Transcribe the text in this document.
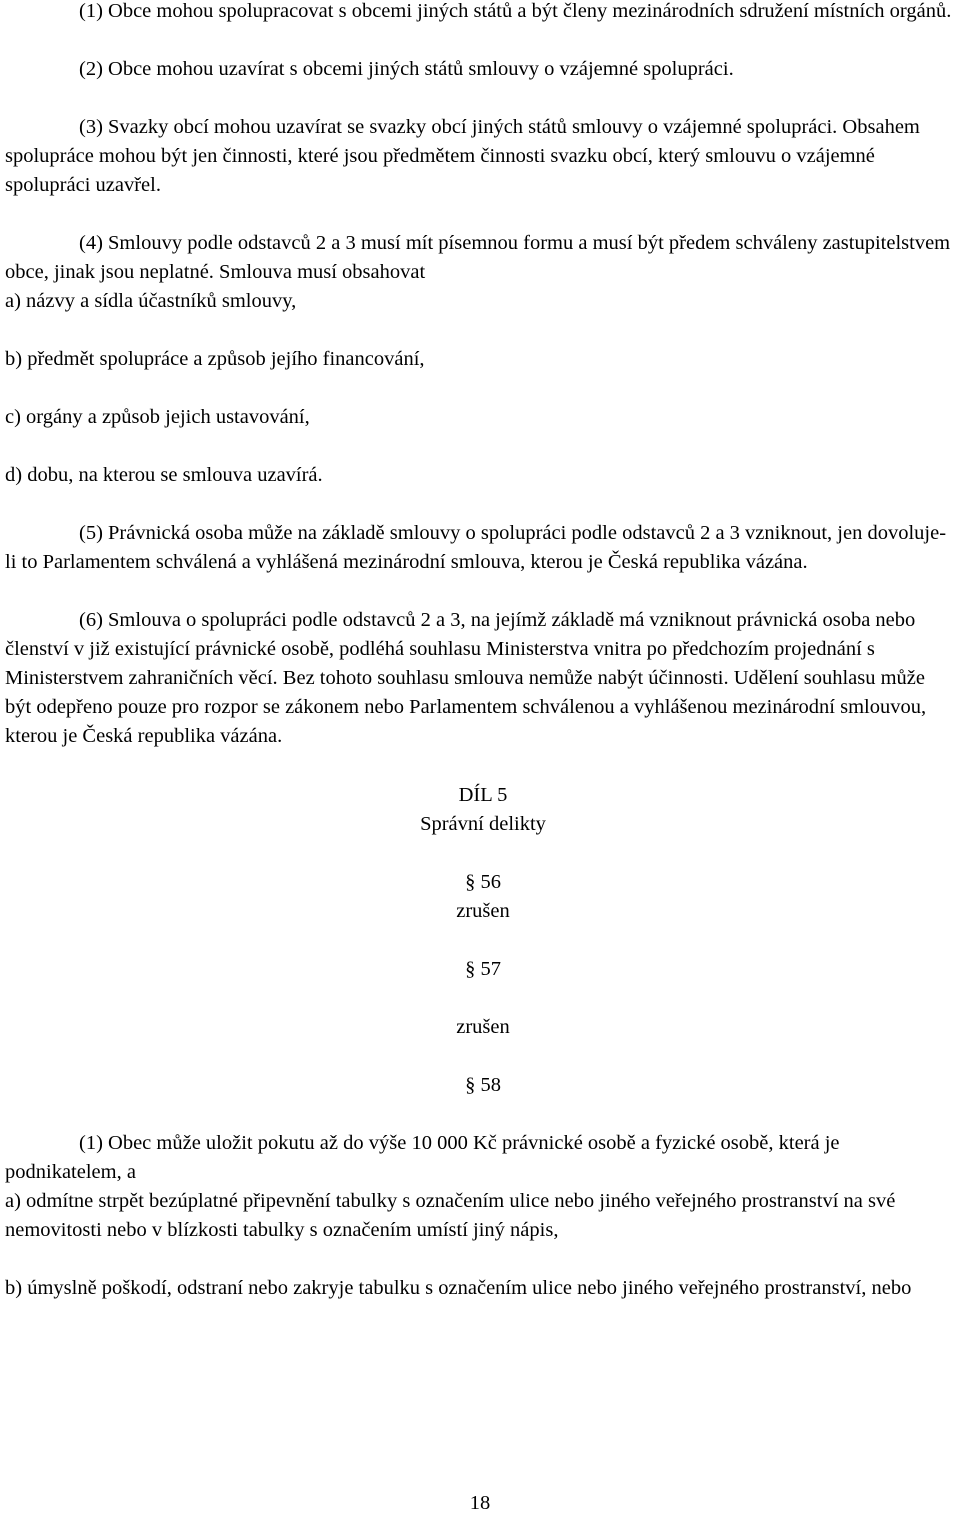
(1) Obce mohou spolupracovat s obcemi jiných států a být členy mezinárodních sdružení místních orgánů.

(2) Obce mohou uzavírat s obcemi jiných států smlouvy o vzájemné spolupráci.

(3) Svazky obcí mohou uzavírat se svazky obcí jiných států smlouvy o vzájemné spolupráci. Obsahem spolupráce mohou být jen činnosti, které jsou předmětem činnosti svazku obcí, který smlouvu o vzájemné spolupráci uzavřel.

(4) Smlouvy podle odstavců 2 a 3 musí mít písemnou formu a musí být předem schváleny zastupitelstvem obce, jinak jsou neplatné. Smlouva musí obsahovat

a) názvy a sídla účastníků smlouvy,

b) předmět spolupráce a způsob jejího financování,

c) orgány a způsob jejich ustavování,

d) dobu, na kterou se smlouva uzavírá.

(5) Právnická osoba může na základě smlouvy o spolupráci podle odstavců 2 a 3 vzniknout, jen dovoluje-li to Parlamentem schválená a vyhlášená mezinárodní smlouva, kterou je Česká republika vázána.

(6) Smlouva o spolupráci podle odstavců 2 a 3, na jejímž základě má vzniknout právnická osoba nebo členství v již existující právnické osobě, podléhá souhlasu Ministerstva vnitra po předchozím projednání s Ministerstvem zahraničních věcí. Bez tohoto souhlasu smlouva nemůže nabýt účinnosti. Udělení souhlasu může být odepřeno pouze pro rozpor se zákonem nebo Parlamentem schválenou a vyhlášenou mezinárodní smlouvou, kterou je Česká republika vázána.

DÍL 5

Správní delikty

§ 56

zrušen

§ 57

zrušen

§ 58

(1) Obec může uložit pokutu až do výše 10 000 Kč právnické osobě a fyzické osobě, která je podnikatelem, a

a) odmítne strpět bezúplatné připevnění tabulky s označením ulice nebo jiného veřejného prostranství na své nemovitosti nebo v blízkosti tabulky s označením umístí jiný nápis,

b) úmyslně poškodí, odstraní nebo zakryje tabulku s označením ulice nebo jiného veřejného prostranství, nebo

18
